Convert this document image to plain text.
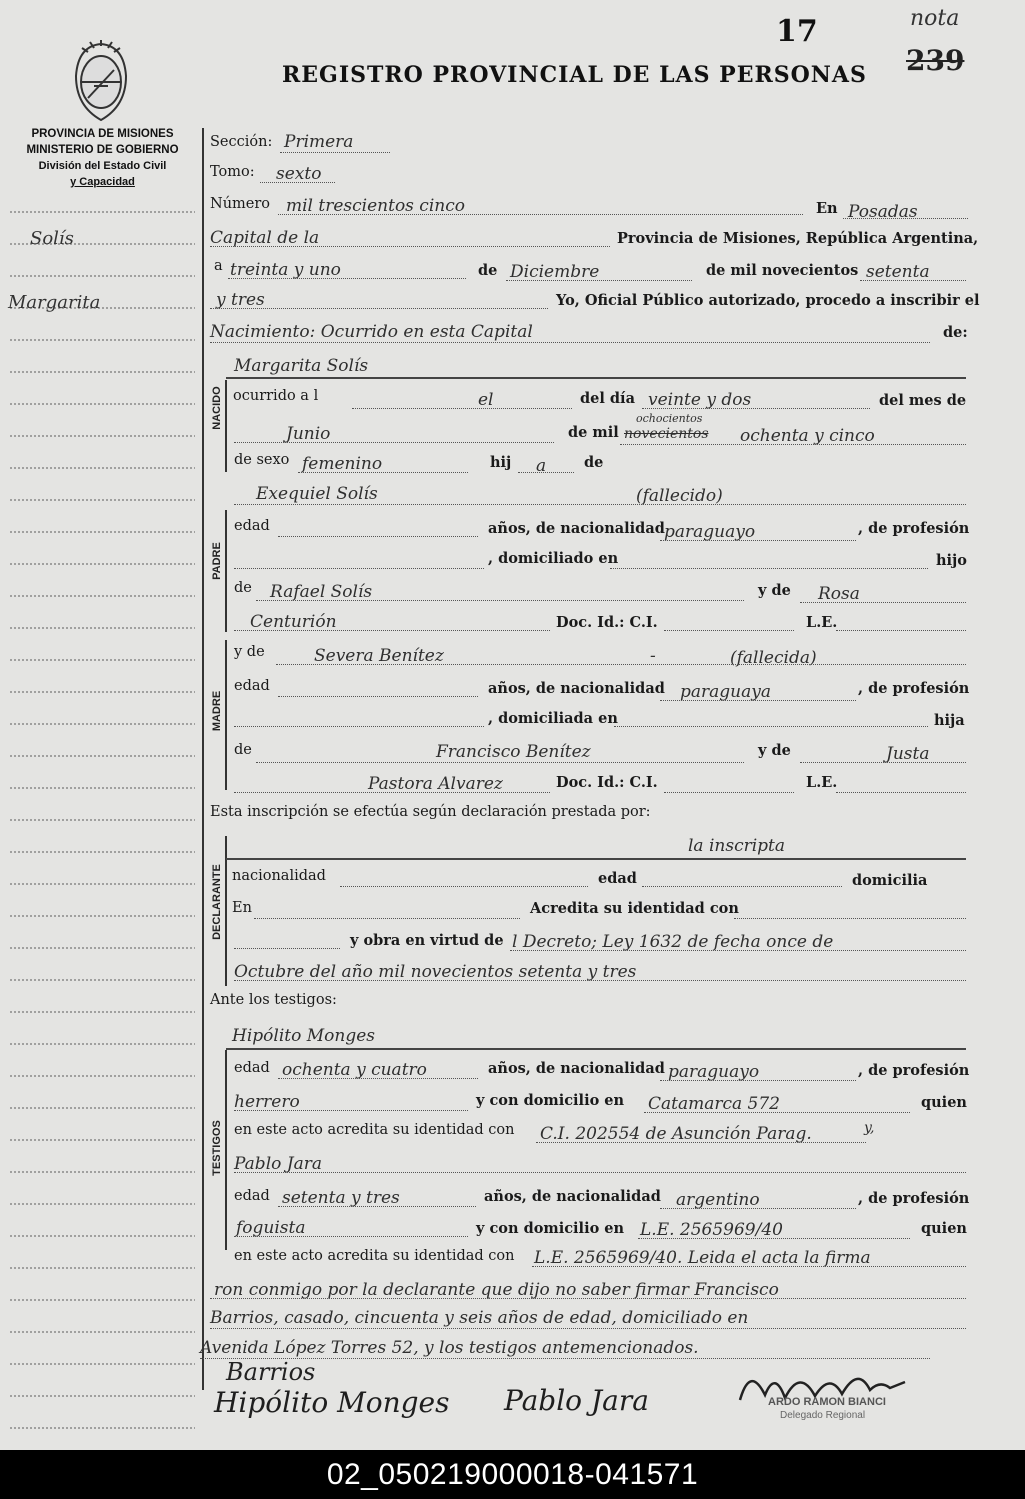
17	nota
239
REGISTRO PROVINCIAL DE LAS PERSONAS
PROVINCIA DE MISIONES
MINISTERIO DE GOBIERNO
División del Estado Civil
y Capacidad
Solís
Margarita
NACIDO
PADRE
MADRE
DECLARANTE
TESTIGOS
Sección: Primera
Tomo: sexto
Número mil trescientos cinco	En Posadas
Capital de la	Provincia de Misiones, República Argentina,
a treinta y uno	de Diciembre	de mil novecientos setenta
y tres	Yo, Oficial Público autorizado, procedo a inscribir el
Nacimiento: Ocurrido en esta Capital	de:
Margarita Solís
ocurrido a l	el	del día veinte y dos	del mes de
Junio	de mil
ochocientos
novecientos ochenta y cinco
de sexo femenino	hij a	de
Exequiel Solís	(fallecido)
edad	años, de nacionalidad paraguayo	, de profesión
, domiciliado en	hijo
de Rafael Solís	y de Rosa
Centurión	Doc. Id.: C.I.	L.E.
y de	Severa Benítez	-	(fallecida)
edad	años, de nacionalidad paraguaya	, de profesión
, domiciliada en	hija
de	Francisco Benítez	y de	Justa
Pastora Alvarez	Doc. Id.: C.I.	L.E.
Esta inscripción se efectúa según declaración prestada por:
la inscripta
nacionalidad	edad	domicilia
En	Acredita su identidad con
y obra en virtud de l Decreto; Ley 1632 de fecha once de
Octubre del año mil novecientos setenta y tres
Ante los testigos:
Hipólito Monges
edad ochenta y cuatro	años, de nacionalidad paraguayo	, de profesión
herrero	y con domicilio en Catamarca 572	quien
en este acto acredita su identidad con C.I. 202554 de Asunción Parag.	y,
Pablo Jara
edad setenta y tres	años, de nacionalidad argentino	, de profesión
foguista	y con domicilio en L.E. 2565969/40	quien
en este acto acredita su identidad con L.E. 2565969/40. Leida el acta la firma
ron conmigo por la declarante que dijo no saber firmar Francisco
Barrios, casado, cincuenta y seis años de edad, domiciliado en
Avenida López Torres 52, y los testigos antemencionados.
Barrios
Hipólito Monges Pablo Jara	ARDO RAMON BIANCI
Delegado Regional
02_050219000018-041571
